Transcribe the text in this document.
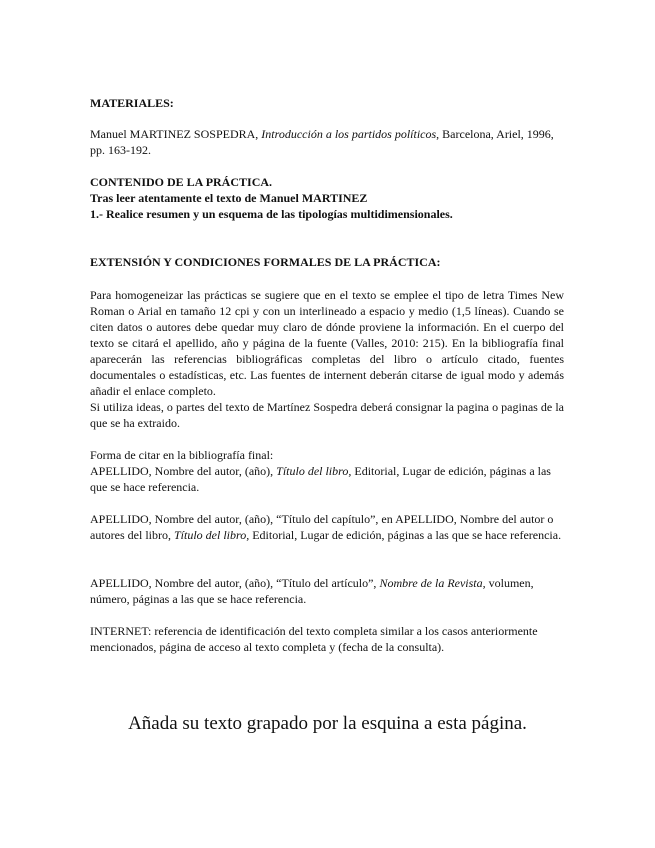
MATERIALES:

Manuel MARTINEZ SOSPEDRA, Introducción a los partidos políticos, Barcelona, Ariel, 1996, pp. 163-192.

CONTENIDO DE LA PRÁCTICA.
Tras leer atentamente el texto de Manuel MARTINEZ
1.- Realice resumen y un esquema de las tipologías multidimensionales.
EXTENSIÓN Y CONDICIONES FORMALES DE LA PRÁCTICA:

Para homogeneizar las prácticas se sugiere que en el texto se emplee el tipo de letra Times New Roman o Arial en tamaño 12 cpi y con un interlineado a espacio y medio (1,5 líneas). Cuando se citen datos o autores debe quedar muy claro de dónde proviene la información. En el cuerpo del texto se citará el apellido, año y página de la fuente (Valles, 2010: 215). En la bibliografía final aparecerán las referencias bibliográficas completas del libro o artículo citado, fuentes documentales o estadísticas, etc. Las fuentes de internent deberán citarse de igual modo y además añadir el enlace completo.

Si utiliza ideas, o partes del texto de Martínez Sospedra deberá consignar la pagina o paginas de la que se ha extraido.

Forma de citar en la bibliografía final:

APELLIDO, Nombre del autor, (año), Título del libro, Editorial, Lugar de edición, páginas a las que se hace referencia.

APELLIDO, Nombre del autor, (año), “Título del capítulo”, en APELLIDO, Nombre del autor o autores del libro, Título del libro, Editorial, Lugar de edición, páginas a las que se hace referencia.

APELLIDO, Nombre del autor, (año), “Título del artículo”, Nombre de la Revista, volumen, número, páginas a las que se hace referencia.

INTERNET: referencia de identificación del texto completa similar a los casos anteriormente mencionados, página de acceso al texto completa y (fecha de la consulta).

Añada su texto grapado por la esquina a esta página.
